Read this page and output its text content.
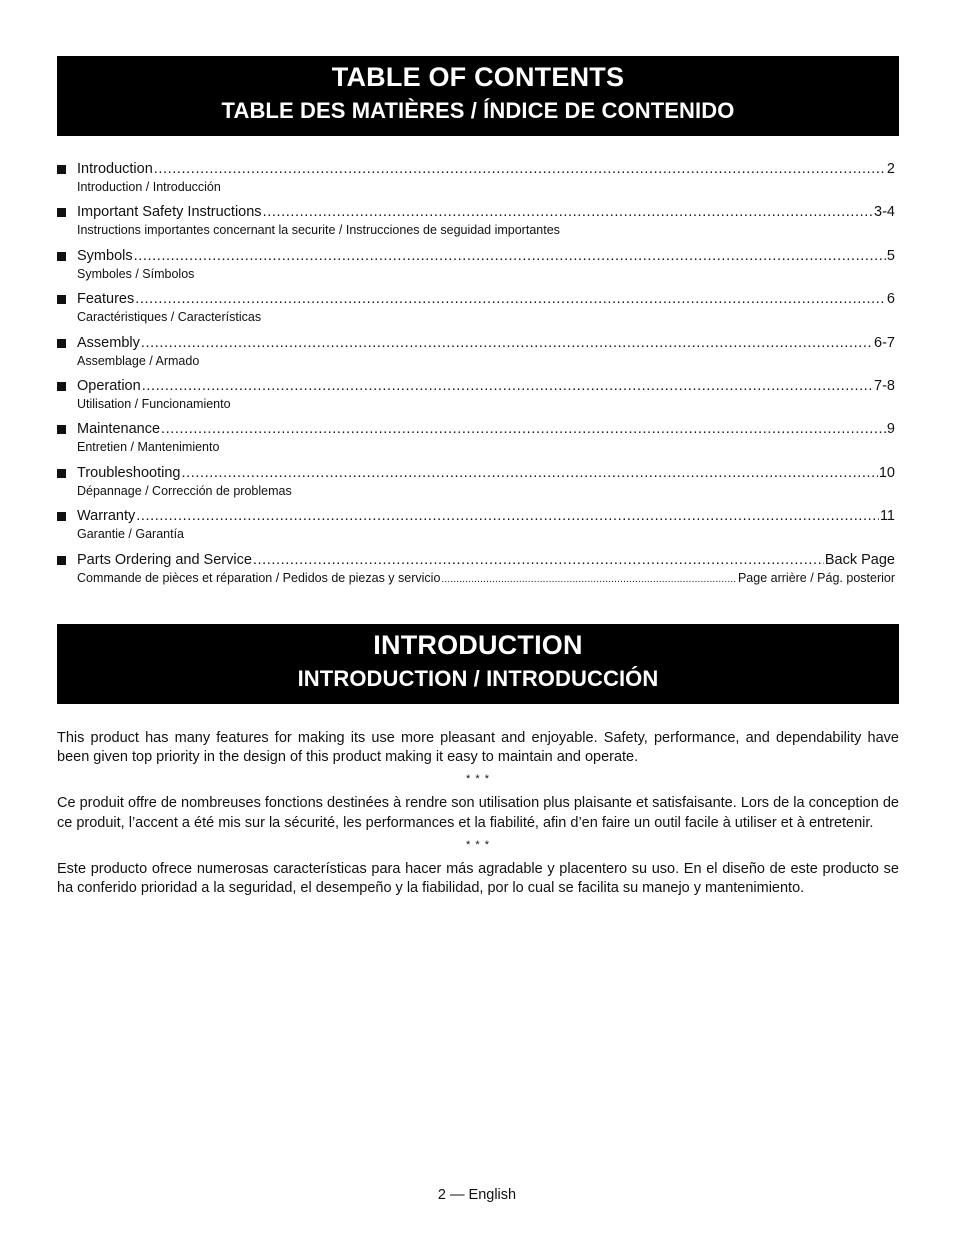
TABLE OF CONTENTS
TABLE DES MATIÈRES / ÍNDICE DE CONTENIDO
Introduction .....	2
Introduction / Introducción
Important Safety Instructions .....	3-4
Instructions importantes concernant la securite / Instrucciones de seguidad importantes
Symbols .....	5
Symboles / Símbolos
Features .....	6
Caractéristiques / Características
Assembly .....	6-7
Assemblage / Armado
Operation .....	7-8
Utilisation / Funcionamiento
Maintenance .....	9
Entretien / Mantenimiento
Troubleshooting .....	10
Dépannage / Corrección de problemas
Warranty .....	11
Garantie / Garantía
Parts Ordering and Service .....	Back Page
Commande de pièces et réparation / Pedidos de piezas y servicio .....	Page arrière / Pág. posterior
INTRODUCTION
INTRODUCTION / INTRODUCCIÓN

This product has many features for making its use more pleasant and enjoyable. Safety, performance, and dependability have been given top priority in the design of this product making it easy to maintain and operate.

* * *

Ce produit offre de nombreuses fonctions destinées à rendre son utilisation plus plaisante et satisfaisante. Lors de la conception de ce produit, l’accent a été mis sur la sécurité, les performances et la fiabilité, afin d’en faire un outil facile à utiliser et à entretenir.

* * *

Este producto ofrece numerosas características para hacer más agradable y placentero su uso. En el diseño de este producto se ha conferido prioridad a la seguridad, el desempeño y la fiabilidad, por lo cual se facilita su manejo y mantenimiento.

2 — English
